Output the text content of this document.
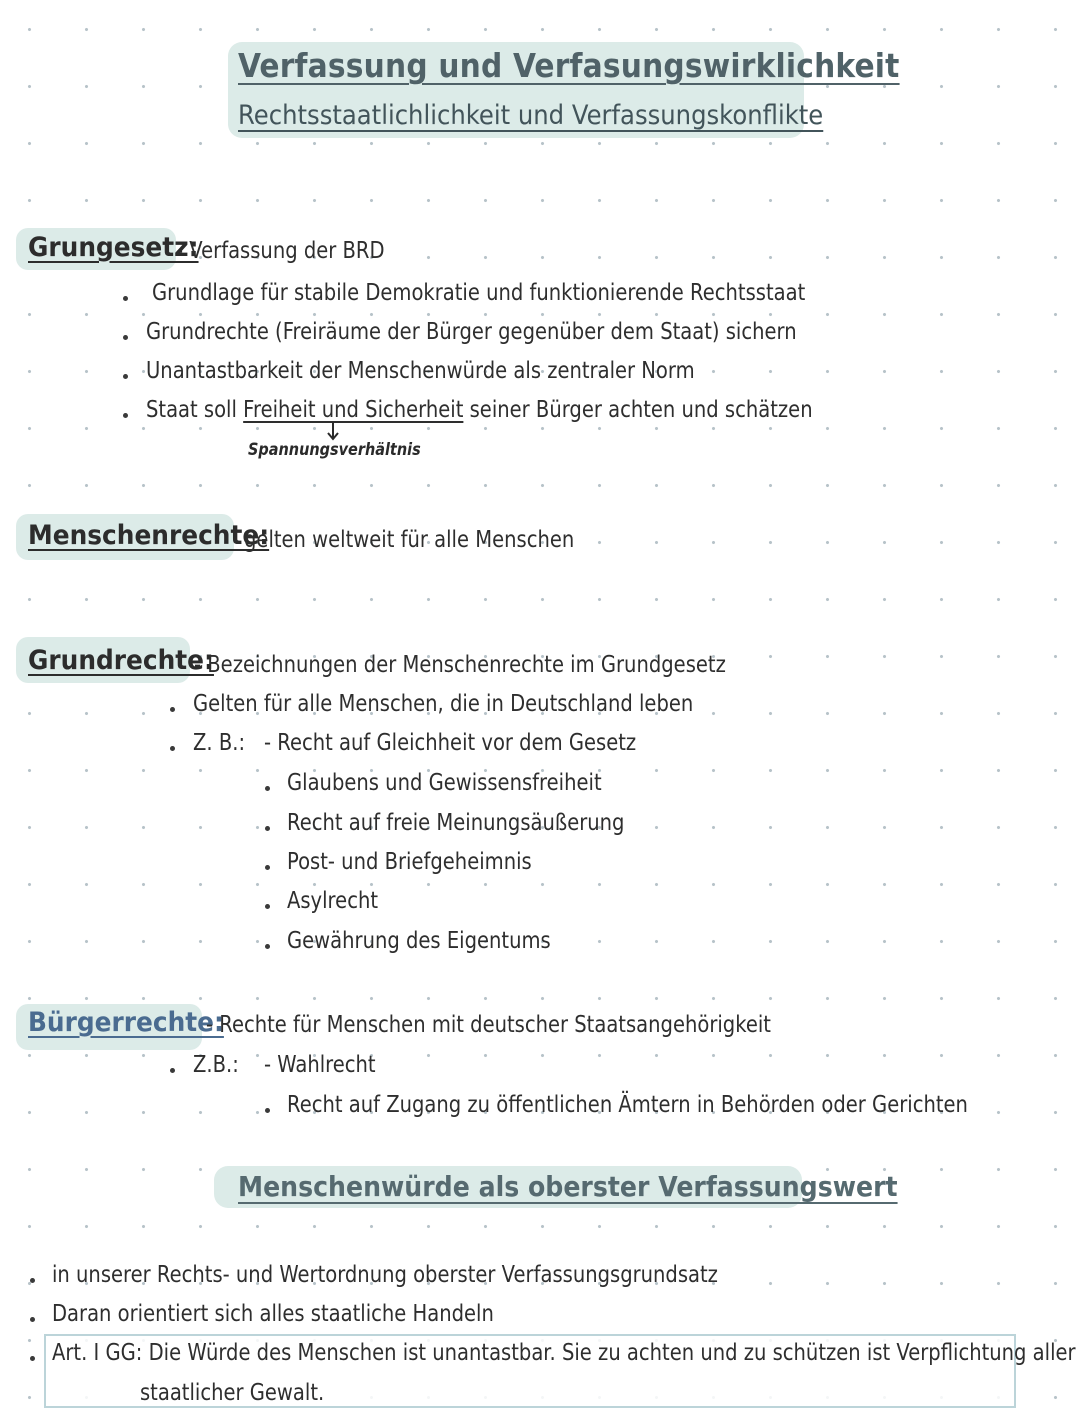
Verfassung und Verfasungswirklichkeit
Rechtsstaatlichlichkeit und Verfassungskonflikte
Grungesetz:
- Verfassung der BRD
Grundlage für stabile Demokratie und funktionierende Rechtsstaat
Grundrechte (Freiräume der Bürger gegenüber dem Staat) sichern
Unantastbarkeit der Menschenwürde als zentraler Norm
Staat soll Freiheit und Sicherheit seiner Bürger achten und schätzen
Spannungsverhältnis
Menschenrechte:
gelten weltweit für alle Menschen
Grundrechte:
- Bezeichnungen der Menschenrechte im Grundgesetz
Gelten für alle Menschen, die in Deutschland leben
Z. B.: - Recht auf Gleichheit vor dem Gesetz
Glaubens und Gewissensfreiheit
Recht auf freie Meinungsäußerung
Post- und Briefgeheimnis
Asylrecht
Gewährung des Eigentums
Bürgerrechte:
- Rechte für Menschen mit deutscher Staatsangehörigkeit
Z.B.: - Wahlrecht
Recht auf Zugang zu öffentlichen Ämtern in Behörden oder Gerichten
Menschenwürde als oberster Verfassungswert
in unserer Rechts- und Wertordnung oberster Verfassungsgrundsatz
Daran orientiert sich alles staatliche Handeln
Art. I GG: Die Würde des Menschen ist unantastbar. Sie zu achten und zu schützen ist Verpflichtung aller
staatlicher Gewalt.
